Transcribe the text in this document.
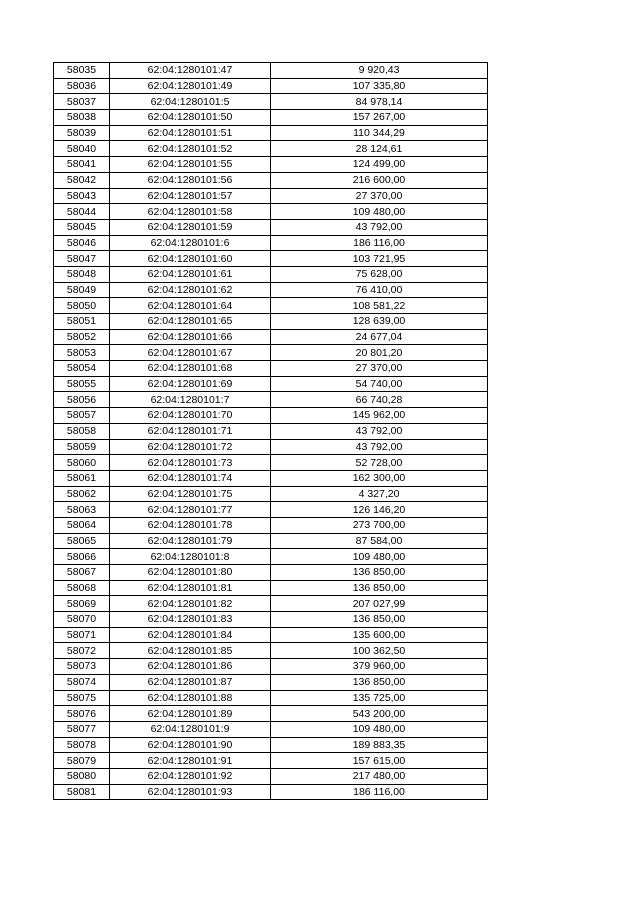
58035	62:04:1280101:47	9 920,43
58036	62:04:1280101:49	107 335,80
58037	62:04:1280101:5	84 978,14
58038	62:04:1280101:50	157 267,00
58039	62:04:1280101:51	110 344,29
58040	62:04:1280101:52	28 124,61
58041	62:04:1280101:55	124 499,00
58042	62:04:1280101:56	216 600,00
58043	62:04:1280101:57	27 370,00
58044	62:04:1280101:58	109 480,00
58045	62:04:1280101:59	43 792,00
58046	62:04:1280101:6	186 116,00
58047	62:04:1280101:60	103 721,95
58048	62:04:1280101:61	75 628,00
58049	62:04:1280101:62	76 410,00
58050	62:04:1280101:64	108 581,22
58051	62:04:1280101:65	128 639,00
58052	62:04:1280101:66	24 677,04
58053	62:04:1280101:67	20 801,20
58054	62:04:1280101:68	27 370,00
58055	62:04:1280101:69	54 740,00
58056	62:04:1280101:7	66 740,28
58057	62:04:1280101:70	145 962,00
58058	62:04:1280101:71	43 792,00
58059	62:04:1280101:72	43 792,00
58060	62:04:1280101:73	52 728,00
58061	62:04:1280101:74	162 300,00
58062	62:04:1280101:75	4 327,20
58063	62:04:1280101:77	126 146,20
58064	62:04:1280101:78	273 700,00
58065	62:04:1280101:79	87 584,00
58066	62:04:1280101:8	109 480,00
58067	62:04:1280101:80	136 850,00
58068	62:04:1280101:81	136 850,00
58069	62:04:1280101:82	207 027,99
58070	62:04:1280101:83	136 850,00
58071	62:04:1280101:84	135 600,00
58072	62:04:1280101:85	100 362,50
58073	62:04:1280101:86	379 960,00
58074	62:04:1280101:87	136 850,00
58075	62:04:1280101:88	135 725,00
58076	62:04:1280101:89	543 200,00
58077	62:04:1280101:9	109 480,00
58078	62:04:1280101:90	189 883,35
58079	62:04:1280101:91	157 615,00
58080	62:04:1280101:92	217 480,00
58081	62:04:1280101:93	186 116,00
